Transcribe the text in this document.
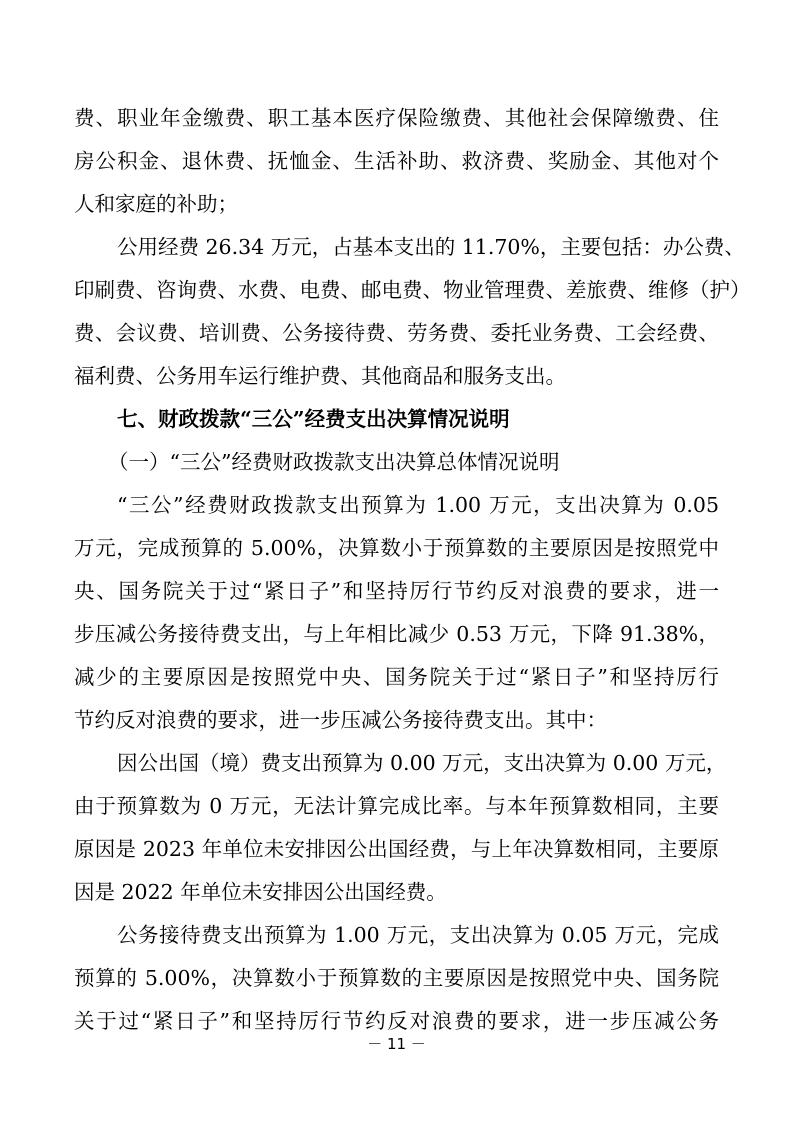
费、职业年金缴费、职工基本医疗保险缴费、其他社会保障缴费、住
房公积金、退休费、抚恤金、生活补助、救济费、奖励金、其他对个
人和家庭的补助；
公用经费 26.34 万元，占基本支出的 11.70%，主要包括：办公费、
印刷费、咨询费、水费、电费、邮电费、物业管理费、差旅费、维修（护）
费、会议费、培训费、公务接待费、劳务费、委托业务费、工会经费、
福利费、公务用车运行维护费、其他商品和服务支出。
七、财政拨款“三公”经费支出决算情况说明
（一）“三公”经费财政拨款支出决算总体情况说明
“三公”经费财政拨款支出预算为 1.00 万元，支出决算为 0.05
万元，完成预算的 5.00%，决算数小于预算数的主要原因是按照党中
央、国务院关于过“紧日子”和坚持厉行节约反对浪费的要求，进一
步压减公务接待费支出，与上年相比减少 0.53 万元，下降 91.38%，
减少的主要原因是按照党中央、国务院关于过“紧日子”和坚持厉行
节约反对浪费的要求，进一步压减公务接待费支出。其中：
因公出国（境）费支出预算为 0.00 万元，支出决算为 0.00 万元，
由于预算数为 0 万元，无法计算完成比率。与本年预算数相同，主要
原因是 2023 年单位未安排因公出国经费，与上年决算数相同，主要原
因是 2022 年单位未安排因公出国经费。
公务接待费支出预算为 1.00 万元，支出决算为 0.05 万元，完成
预算的 5.00%，决算数小于预算数的主要原因是按照党中央、国务院
关于过“紧日子”和坚持厉行节约反对浪费的要求，进一步压减公务
－ 11 －
